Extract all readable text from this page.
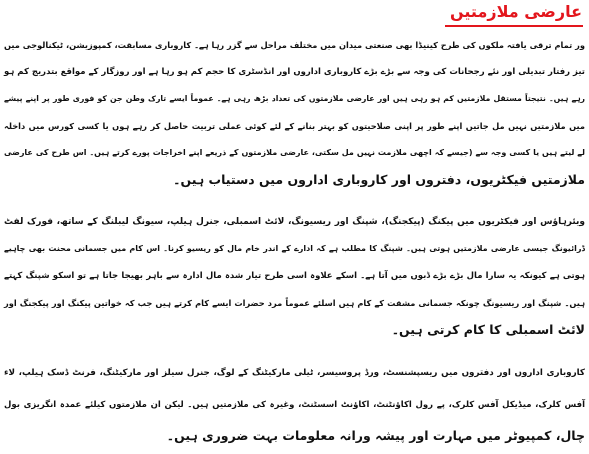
عارضی ملازمتیں
ور تمام ترقی یافتہ ملکوں کی طرح کینیڈا بھی صنعتی میدان میں مختلف مراحل سے گزر رہا ہے۔ کاروباری مسابقت، کمپوزیشن، ٹیکنالوجی میں
تیز رفتار تبدیلی اور نئے رجحانات کی وجہ سے بڑے بڑے کاروباری اداروں اور انڈسٹری کا حجم کم ہو رہا ہے اور روزگار کے مواقع بتدریج کم ہو
رہے ہیں۔ نتیجتاً مستقل ملازمتیں کم ہو رہی ہیں اور عارضی ملازمتوں کی تعداد بڑھ رہی ہے۔ عموماً ایسے تارک وطن جن کو فوری طور پر اپنے پیشے
میں ملازمتیں نہیں مل جاتیں اپنے طور پر اپنی صلاحیتوں کو بہتر بنانے کے لئے کوئی عملی تربیت حاصل کر رہے ہوں یا کسی کورس میں داخلہ
لے لیتے ہیں یا کسی وجہ سے (جیسے کہ اچھی ملازمت نہیں مل سکتی، عارضی ملازمتوں کے ذریعے اپنے اخراجات پورے کرتے ہیں۔ اس طرح کی عارضی
ملازمتیں فیکٹریوں، دفتروں اور کاروباری اداروں میں دستیاب ہیں۔
ویئرہاؤس اور فیکٹریوں میں پیکنگ (پیکجنگ)، شپنگ اور ریسیونگ، لائٹ اسمبلی، جنرل ہیلپ، سیونگ لیبلنگ کے ساتھ، فورک لفٹ
ڈرائیونگ جیسی عارضی ملازمتیں ہوتی ہیں۔ شپنگ کا مطلب ہے کہ ادارے کے اندر خام مال کو ریسیو کرنا۔ اس کام میں جسمانی محنت بھی چاہیے
ہوتی ہے کیونکہ یہ سارا مال بڑے بڑے ڈبوں میں آتا ہے۔ اسکے علاوہ اسی طرح تیار شدہ مال ادارہ سے باہر بھیجا جاتا ہے تو اسکو شپنگ کہتے
ہیں۔ شپنگ اور ریسیونگ چونکہ جسمانی مشقت کے کام ہیں اسلئے عموماً مرد حضرات ایسے کام کرتے ہیں جب کہ خواتین پیکنگ اور پیکجنگ اور
لائٹ اسمبلی کا کام کرتی ہیں۔
کاروباری اداروں اور دفتروں میں ریسپشنسٹ، ورڈ پروسیسر، ٹیلی مارکیٹنگ کے لوگ، جنرل سیلز اور مارکیٹنگ، فرنٹ ڈسک ہیلپ، لاء
آفس کلرک، میڈیکل آفس کلرک، پے رول اکاؤنٹنٹ، اکاؤنٹ اسسٹنٹ، وغیرہ کی ملازمتیں ہیں۔ لیکن ان ملازمتوں کیلئے عمدہ انگریزی بول
چال، کمپیوٹر میں مہارت اور پیشہ ورانہ معلومات بہت ضروری ہیں۔
